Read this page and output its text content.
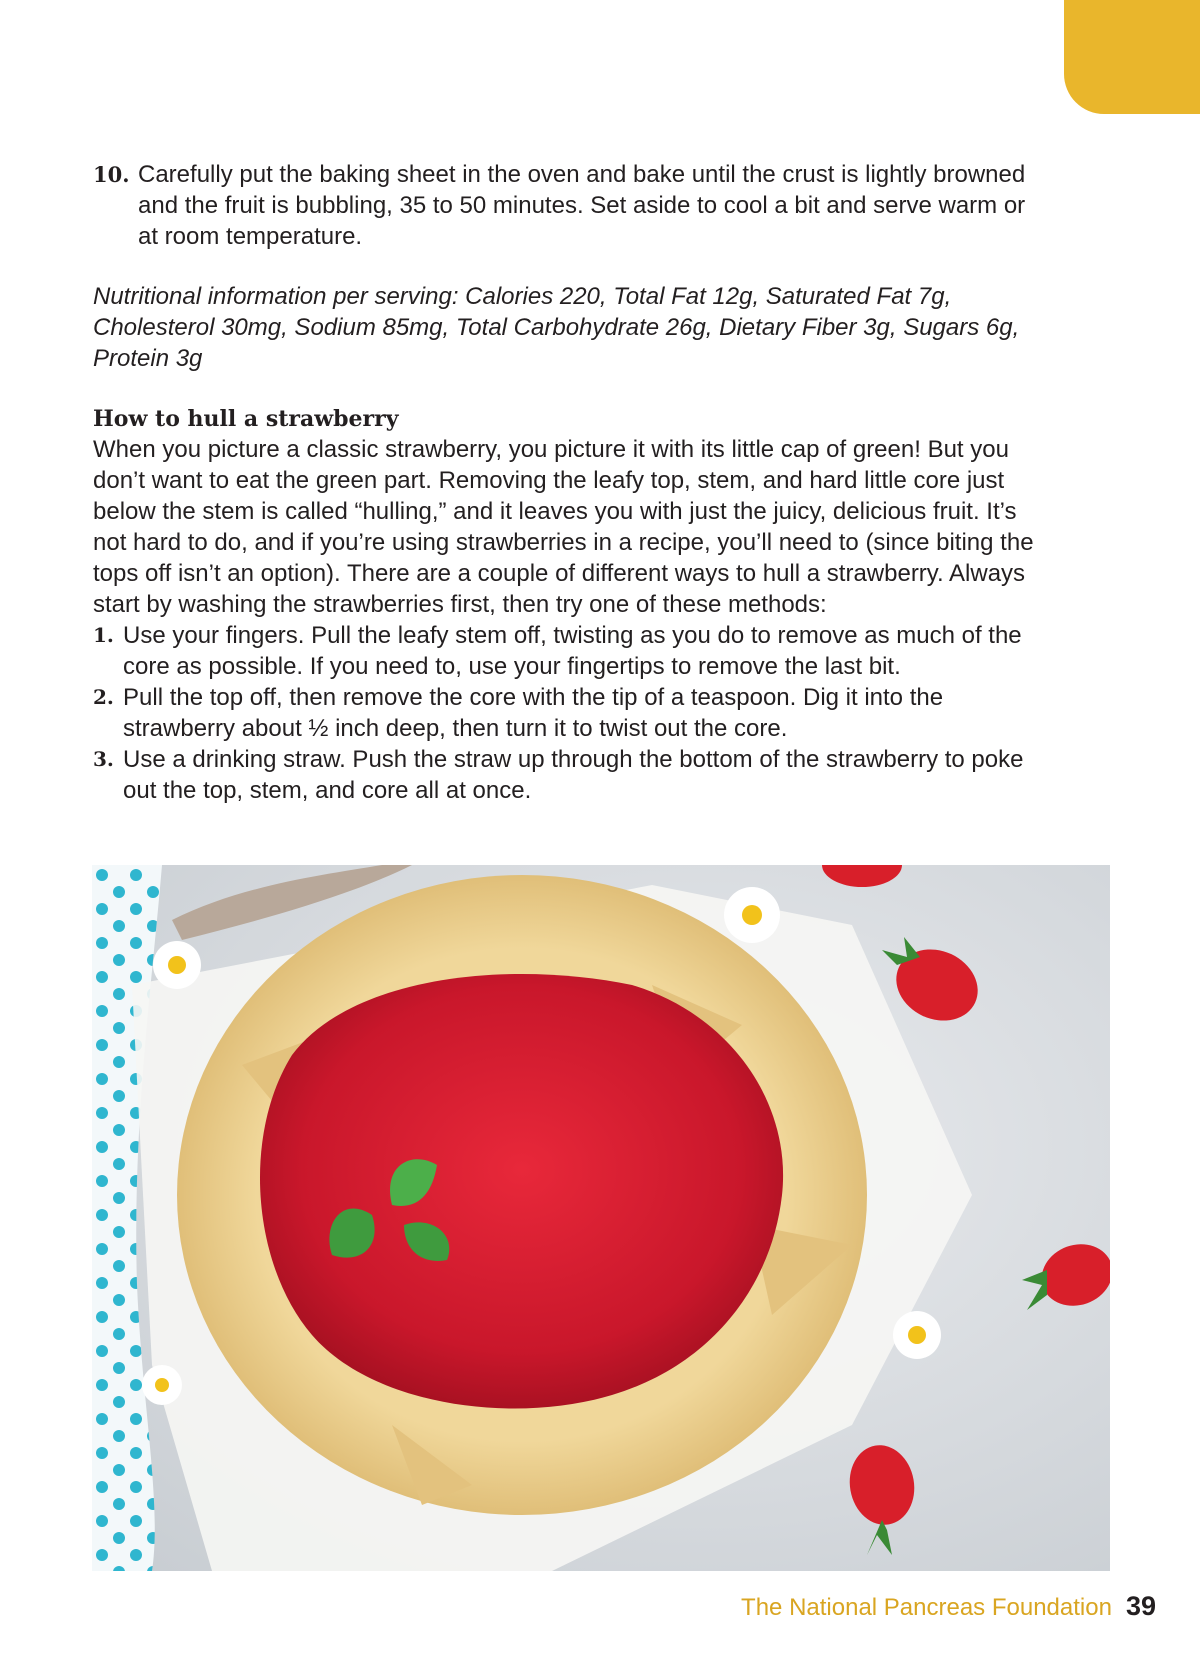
10. Carefully put the baking sheet in the oven and bake until the crust is lightly browned and the fruit is bubbling, 35 to 50 minutes. Set aside to cool a bit and serve warm or at room temperature.

Nutritional information per serving: Calories 220, Total Fat 12g, Saturated Fat 7g, Cholesterol 30mg, Sodium 85mg, Total Carbohydrate 26g, Dietary Fiber 3g, Sugars 6g, Protein 3g

How to hull a strawberry

When you picture a classic strawberry, you picture it with its little cap of green! But you don’t want to eat the green part. Removing the leafy top, stem, and hard little core just below the stem is called “hulling,” and it leaves you with just the juicy, delicious fruit. It’s not hard to do, and if you’re using strawberries in a recipe, you’ll need to (since biting the tops off isn’t an option). There are a couple of different ways to hull a strawberry. Always start by washing the strawberries first, then try one of these methods:

1. Use your fingers. Pull the leafy stem off, twisting as you do to remove as much of the core as possible. If you need to, use your fingertips to remove the last bit.
2. Pull the top off, then remove the core with the tip of a teaspoon. Dig it into the strawberry about ½ inch deep, then turn it to twist out the core.
3. Use a drinking straw. Push the straw up through the bottom of the strawberry to poke out the top, stem, and core all at once.
The National Pancreas Foundation 39
